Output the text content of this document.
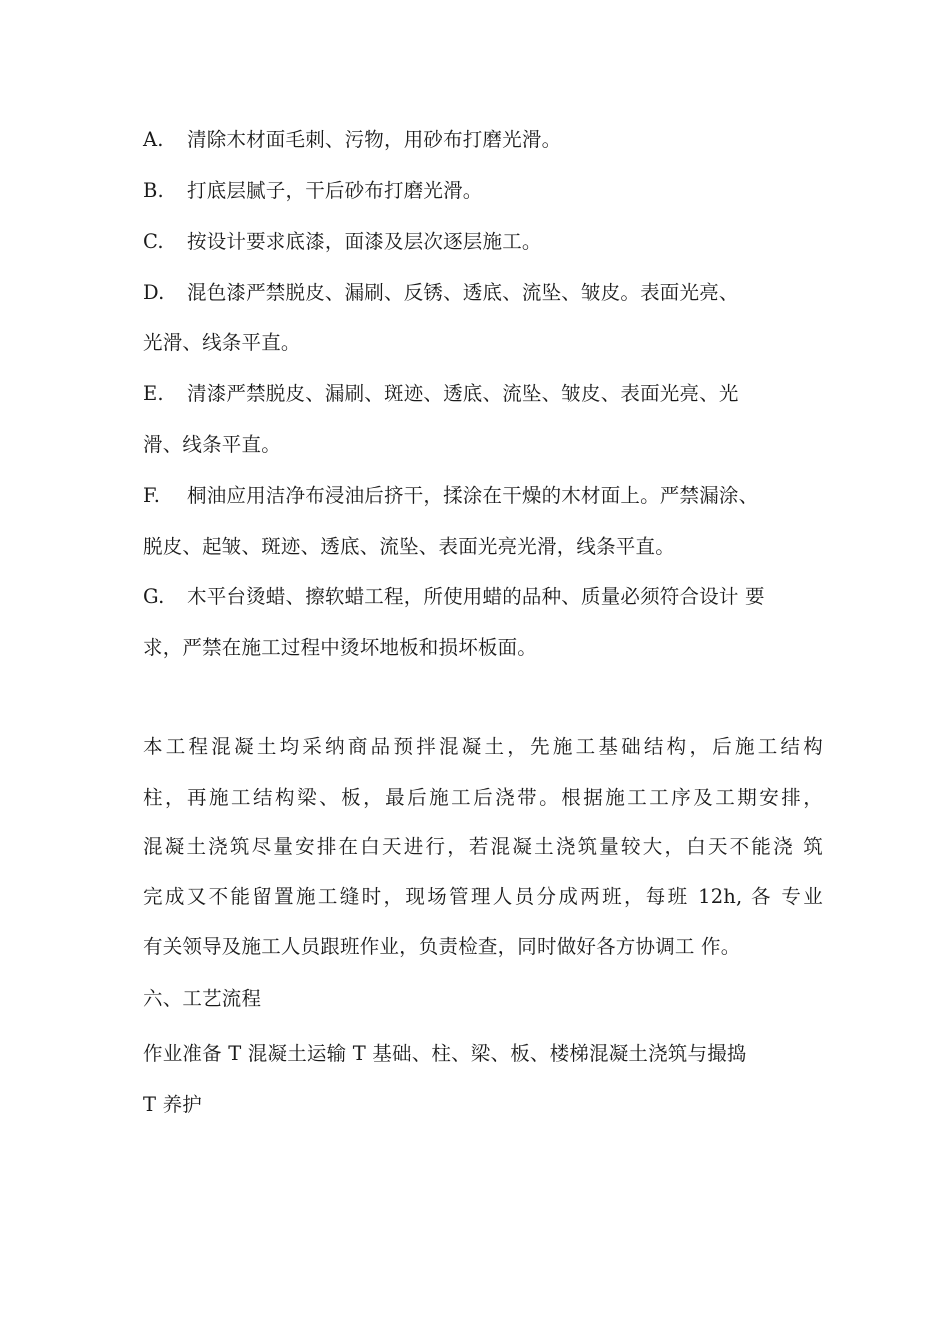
A. 清除木材面毛刺、污物，用砂布打磨光滑。
B. 打底层腻子，干后砂布打磨光滑。
C. 按设计要求底漆，面漆及层次逐层施工。
D. 混色漆严禁脱皮、漏刷、反锈、透底、流坠、皱皮。表面光亮、
光滑、线条平直。
E. 清漆严禁脱皮、漏刷、斑迹、透底、流坠、皱皮、表面光亮、光
滑、线条平直。
F. 桐油应用洁净布浸油后挤干，揉涂在干燥的木材面上。严禁漏涂、
脱皮、起皱、斑迹、透底、流坠、表面光亮光滑，线条平直。
G. 木平台烫蜡、擦软蜡工程，所使用蜡的品种、质量必须符合设计 要
求，严禁在施工过程中烫坏地板和损坏板面。
本工程混凝土均采纳商品预拌混凝土，先施工基础结构，后施工结构
柱，再施工结构梁、板，最后施工后浇带。根据施工工序及工期安排，
混凝土浇筑尽量安排在白天进行，若混凝土浇筑量较大，白天不能浇 筑
完成又不能留置施工缝时，现场管理人员分成两班，每班 12h, 各 专业
有关领导及施工人员跟班作业，负责检查，同时做好各方协调工 作。
六、工艺流程
作业准备 T 混凝土运输 T 基础、柱、梁、板、楼梯混凝土浇筑与撮捣
T 养护
